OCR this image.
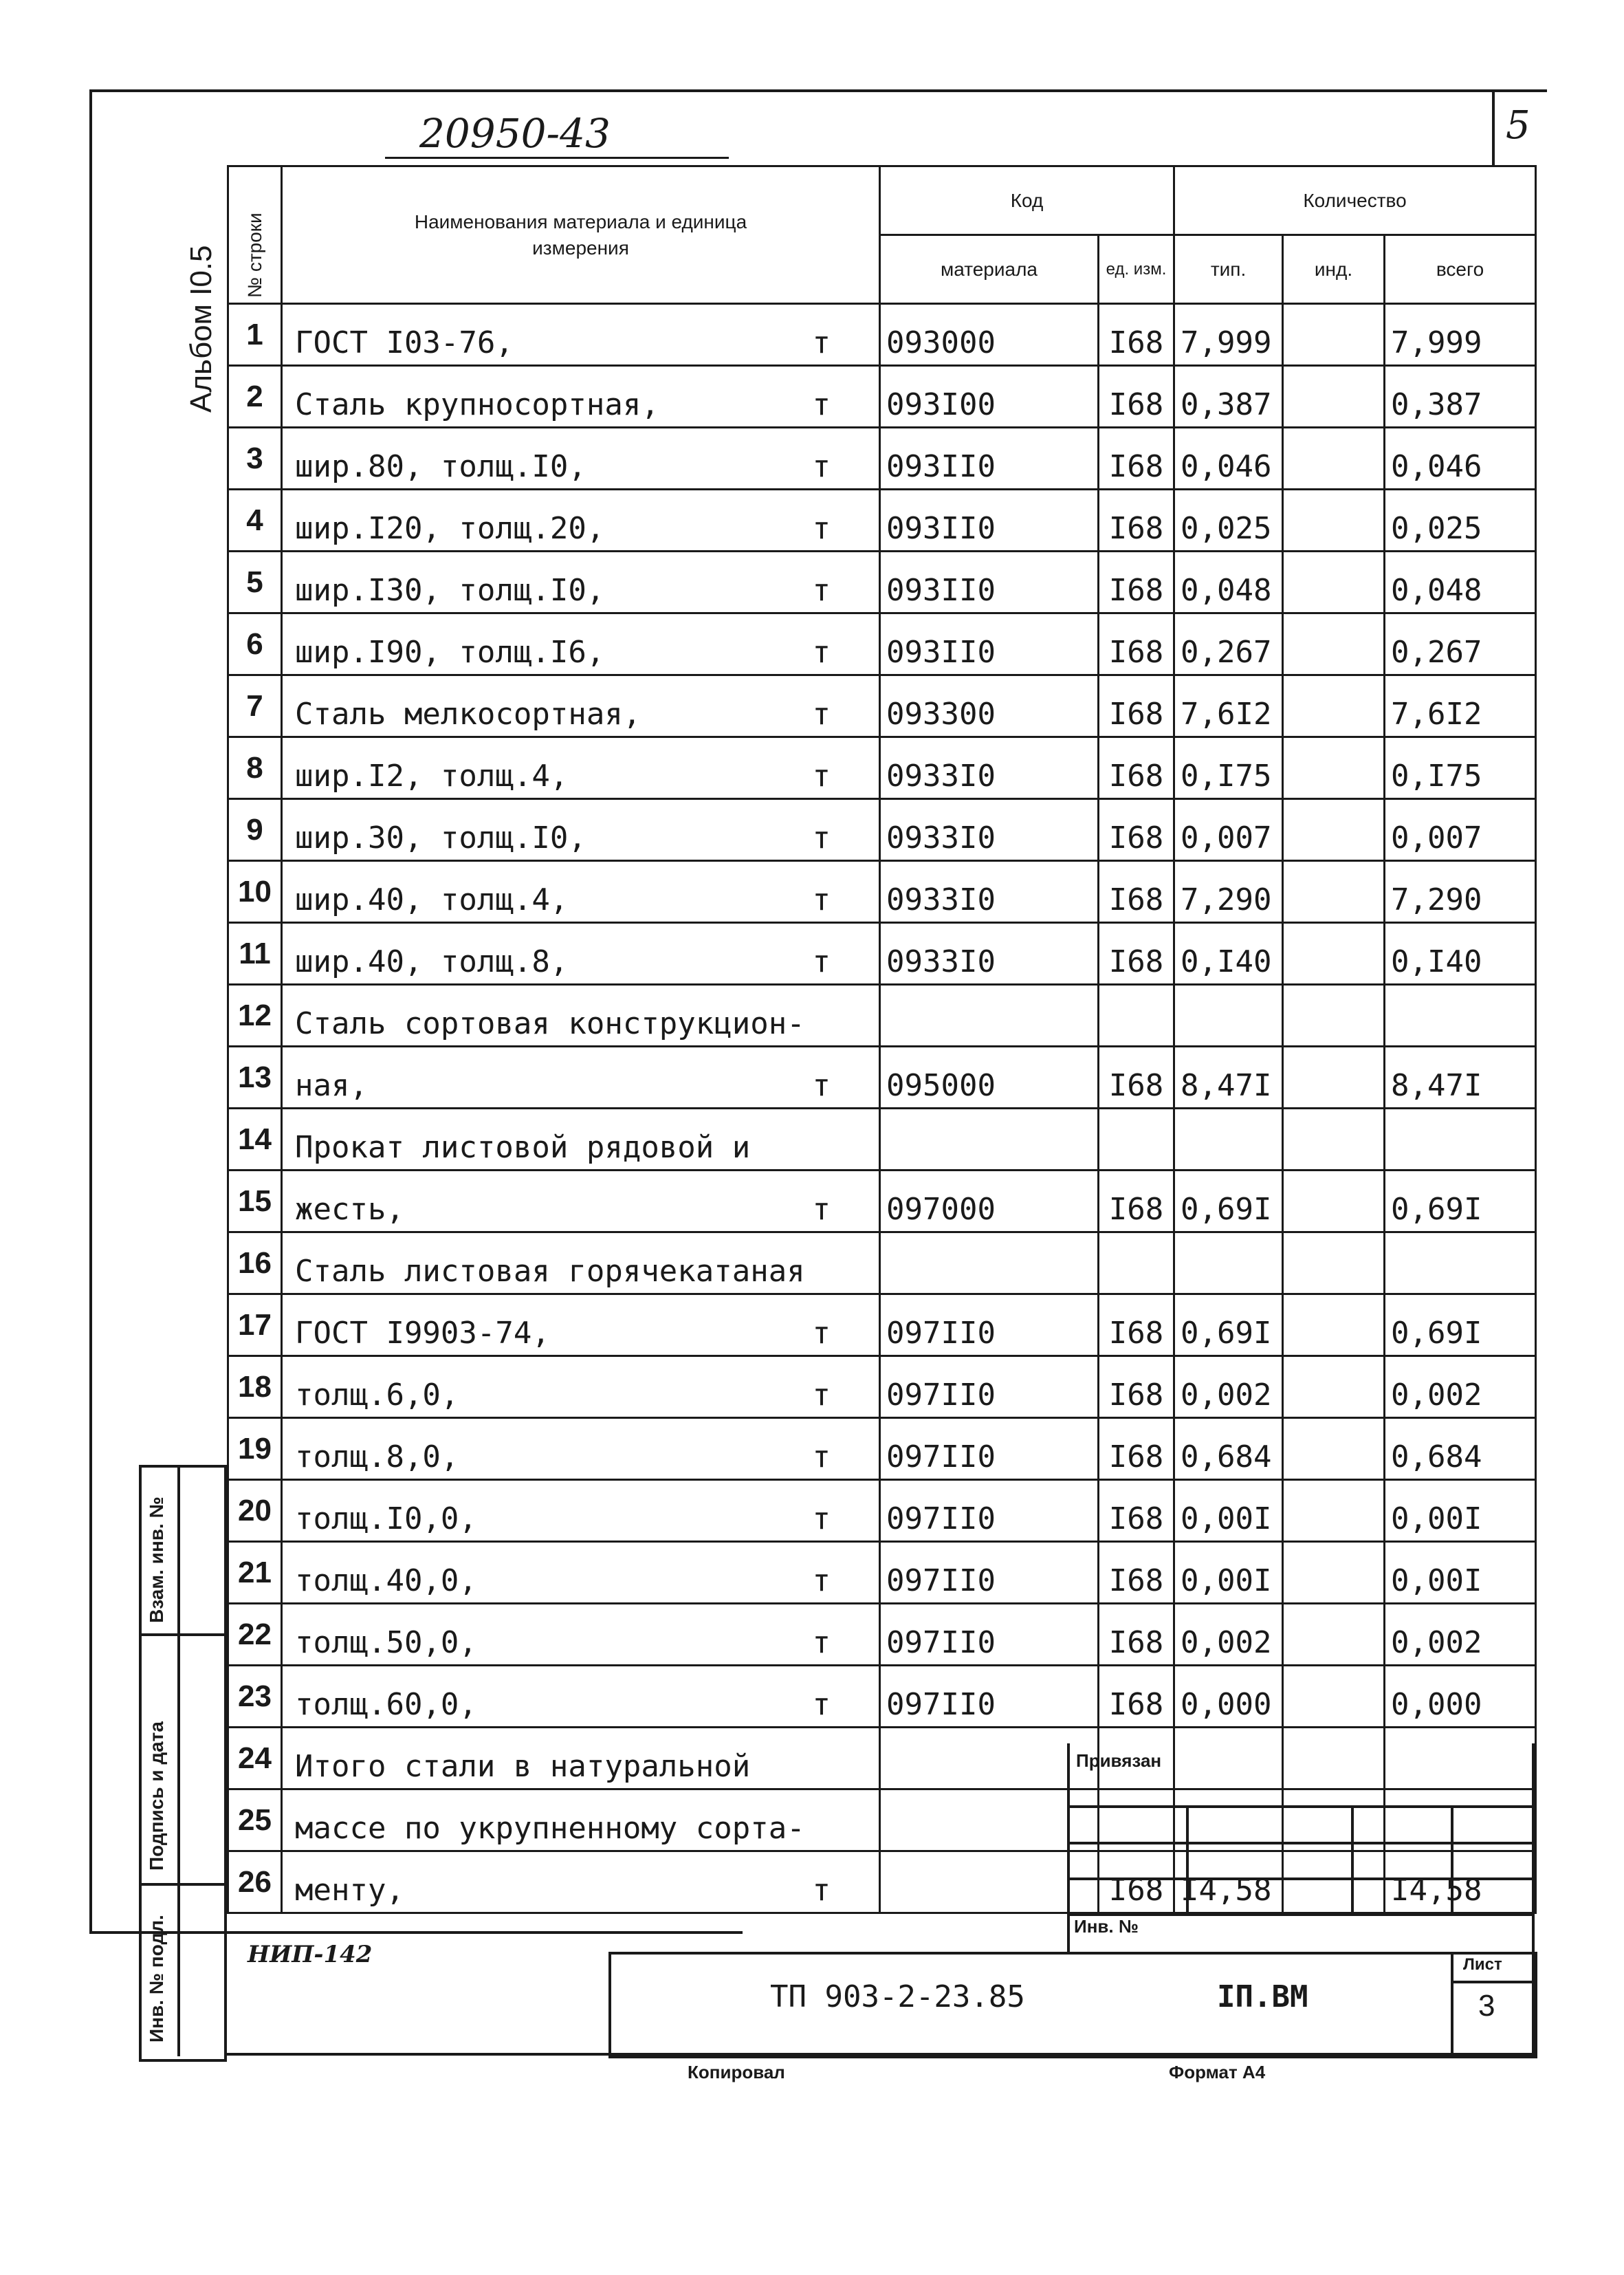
20950-43	5
Альбом I0.5 № строки	Наименования материала и единица измерения	Код		Количество		
		материала	ед. изм.	тип.	инд.	всего
1	ГОСТ I03-76, т	093000	I68	7,999		7,999
2	Сталь крупносортная, т	093I00	I68	0,387		0,387
3	шир.80, толщ.I0, т	093II0	I68	0,046		0,046
4	шир.I20, толщ.20, т	093II0	I68	0,025		0,025
5	шир.I30, толщ.I0, т	093II0	I68	0,048		0,048
6	шир.I90, толщ.I6, т	093II0	I68	0,267		0,267
7	Сталь мелкосортная, т	093300	I68	7,6I2		7,6I2
8	шир.I2, толщ.4, т	0933I0	I68	0,I75		0,I75
9	шир.30, толщ.I0, т	0933I0	I68	0,007		0,007
10	шир.40, толщ.4, т	0933I0	I68	7,290		7,290
11	шир.40, толщ.8, т	0933I0	I68	0,I40		0,I40
12	Сталь сортовая конструкцион-

13	ная, т	095000	I68	8,47I		8,47I
14	Прокат листовой рядовой и

15	жесть, т	097000	I68	0,69I		0,69I
16	Сталь листовая горячекатаная

17	ГОСТ I9903-74, т	097II0	I68	0,69I		0,69I
18	толщ.6,0, т	097II0	I68	0,002		0,002
19	толщ.8,0, т	097II0	I68	0,684		0,684
20	толщ.I0,0, т	097II0	I68	0,00I		0,00I
21	толщ.40,0, т	097II0	I68	0,00I		0,00I
22	толщ.50,0, т	097II0	I68	0,002		0,002
23	толщ.60,0, т	097II0	I68	0,000		0,000
24	Итого стали в натуральной

25	массе по укрупненному сорта-

26	менту, т		I68	I4,58		I4,58
Взам. инв. №
Подпись и дата
Инв. № подл.
Привязан
Инв. №
ТП 903-2-23.85	IП.ВМ
Лист
3
Копировал	Формат А4
НИП-142
